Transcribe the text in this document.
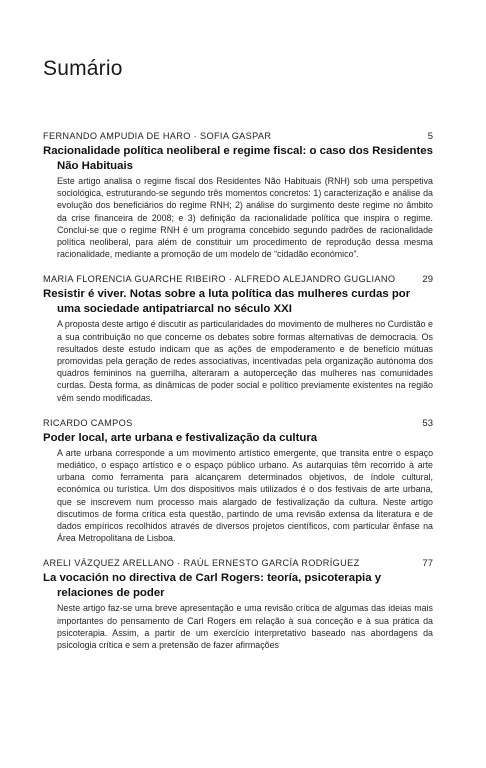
Sumário
FERNANDO AMPUDIA DE HARO · SOFIA GASPAR	5
Racionalidade política neoliberal e regime fiscal: o caso dos Residentes Não Habituais
Este artigo analisa o regime fiscal dos Residentes Não Habituais (RNH) sob uma perspetiva sociológica, estruturando-se segundo três momentos concretos: 1) caracterização e análise da evolução dos beneficiários do regime RNH; 2) análise do surgimento deste regime no âmbito da crise financeira de 2008; e 3) definição da racionalidade política que inspira o regime. Conclui-se que o regime RNH é um programa concebido segundo padrões de racionalidade política neoliberal, para além de constituir um procedimento de reprodução dessa mesma racionalidade, mediante a promoção de um modelo de “cidadão económico”.
MARIA FLORENCIA GUARCHE RIBEIRO · ALFREDO ALEJANDRO GUGLIANO	29
Resistir é viver. Notas sobre a luta política das mulheres curdas por uma sociedade antipatriarcal no século XXI
A proposta deste artigo é discutir as particularidades do movimento de mulheres no Curdistão e a sua contribuição no que concerne os debates sobre formas alternativas de democracia. Os resultados deste estudo indicam que as ações de empoderamento e de benefício mútuas promovidas pela geração de redes associativas, incentivadas pela organização autónoma dos quadros femininos na guerrilha, alteraram a autoperceção das mulheres nas comunidades curdas. Desta forma, as dinâmicas de poder social e político previamente existentes na região vêm sendo modificadas.
RICARDO CAMPOS	53
Poder local, arte urbana e festivalização da cultura
A arte urbana corresponde a um movimento artístico emergente, que transita entre o espaço mediático, o espaço artístico e o espaço público urbano. As autarquias têm recorrido à arte urbana como ferramenta para alcançarem determinados objetivos, de índole cultural, económica ou turística. Um dos dispositivos mais utilizados é o dos festivais de arte urbana, que se inscrevem num processo mais alargado de festivalização da cultura. Neste artigo discutimos de forma crítica esta questão, partindo de uma revisão extensa da literatura e de dados empíricos recolhidos através de diversos projetos científicos, com particular ênfase na Área Metropolitana de Lisboa.
ARELI VÁZQUEZ ARELLANO · RAÚL ERNESTO GARCÍA RODRÍGUEZ	77
La vocación no directiva de Carl Rogers: teoría, psicoterapia y relaciones de poder
Neste artigo faz-se uma breve apresentação e uma revisão crítica de algumas das ideias mais importantes do pensamento de Carl Rogers em relação à sua conceção e à sua prática da psicoterapia. Assim, a partir de um exercício interpretativo baseado nas abordagens da psicologia crítica e sem a pretensão de fazer afirmações
